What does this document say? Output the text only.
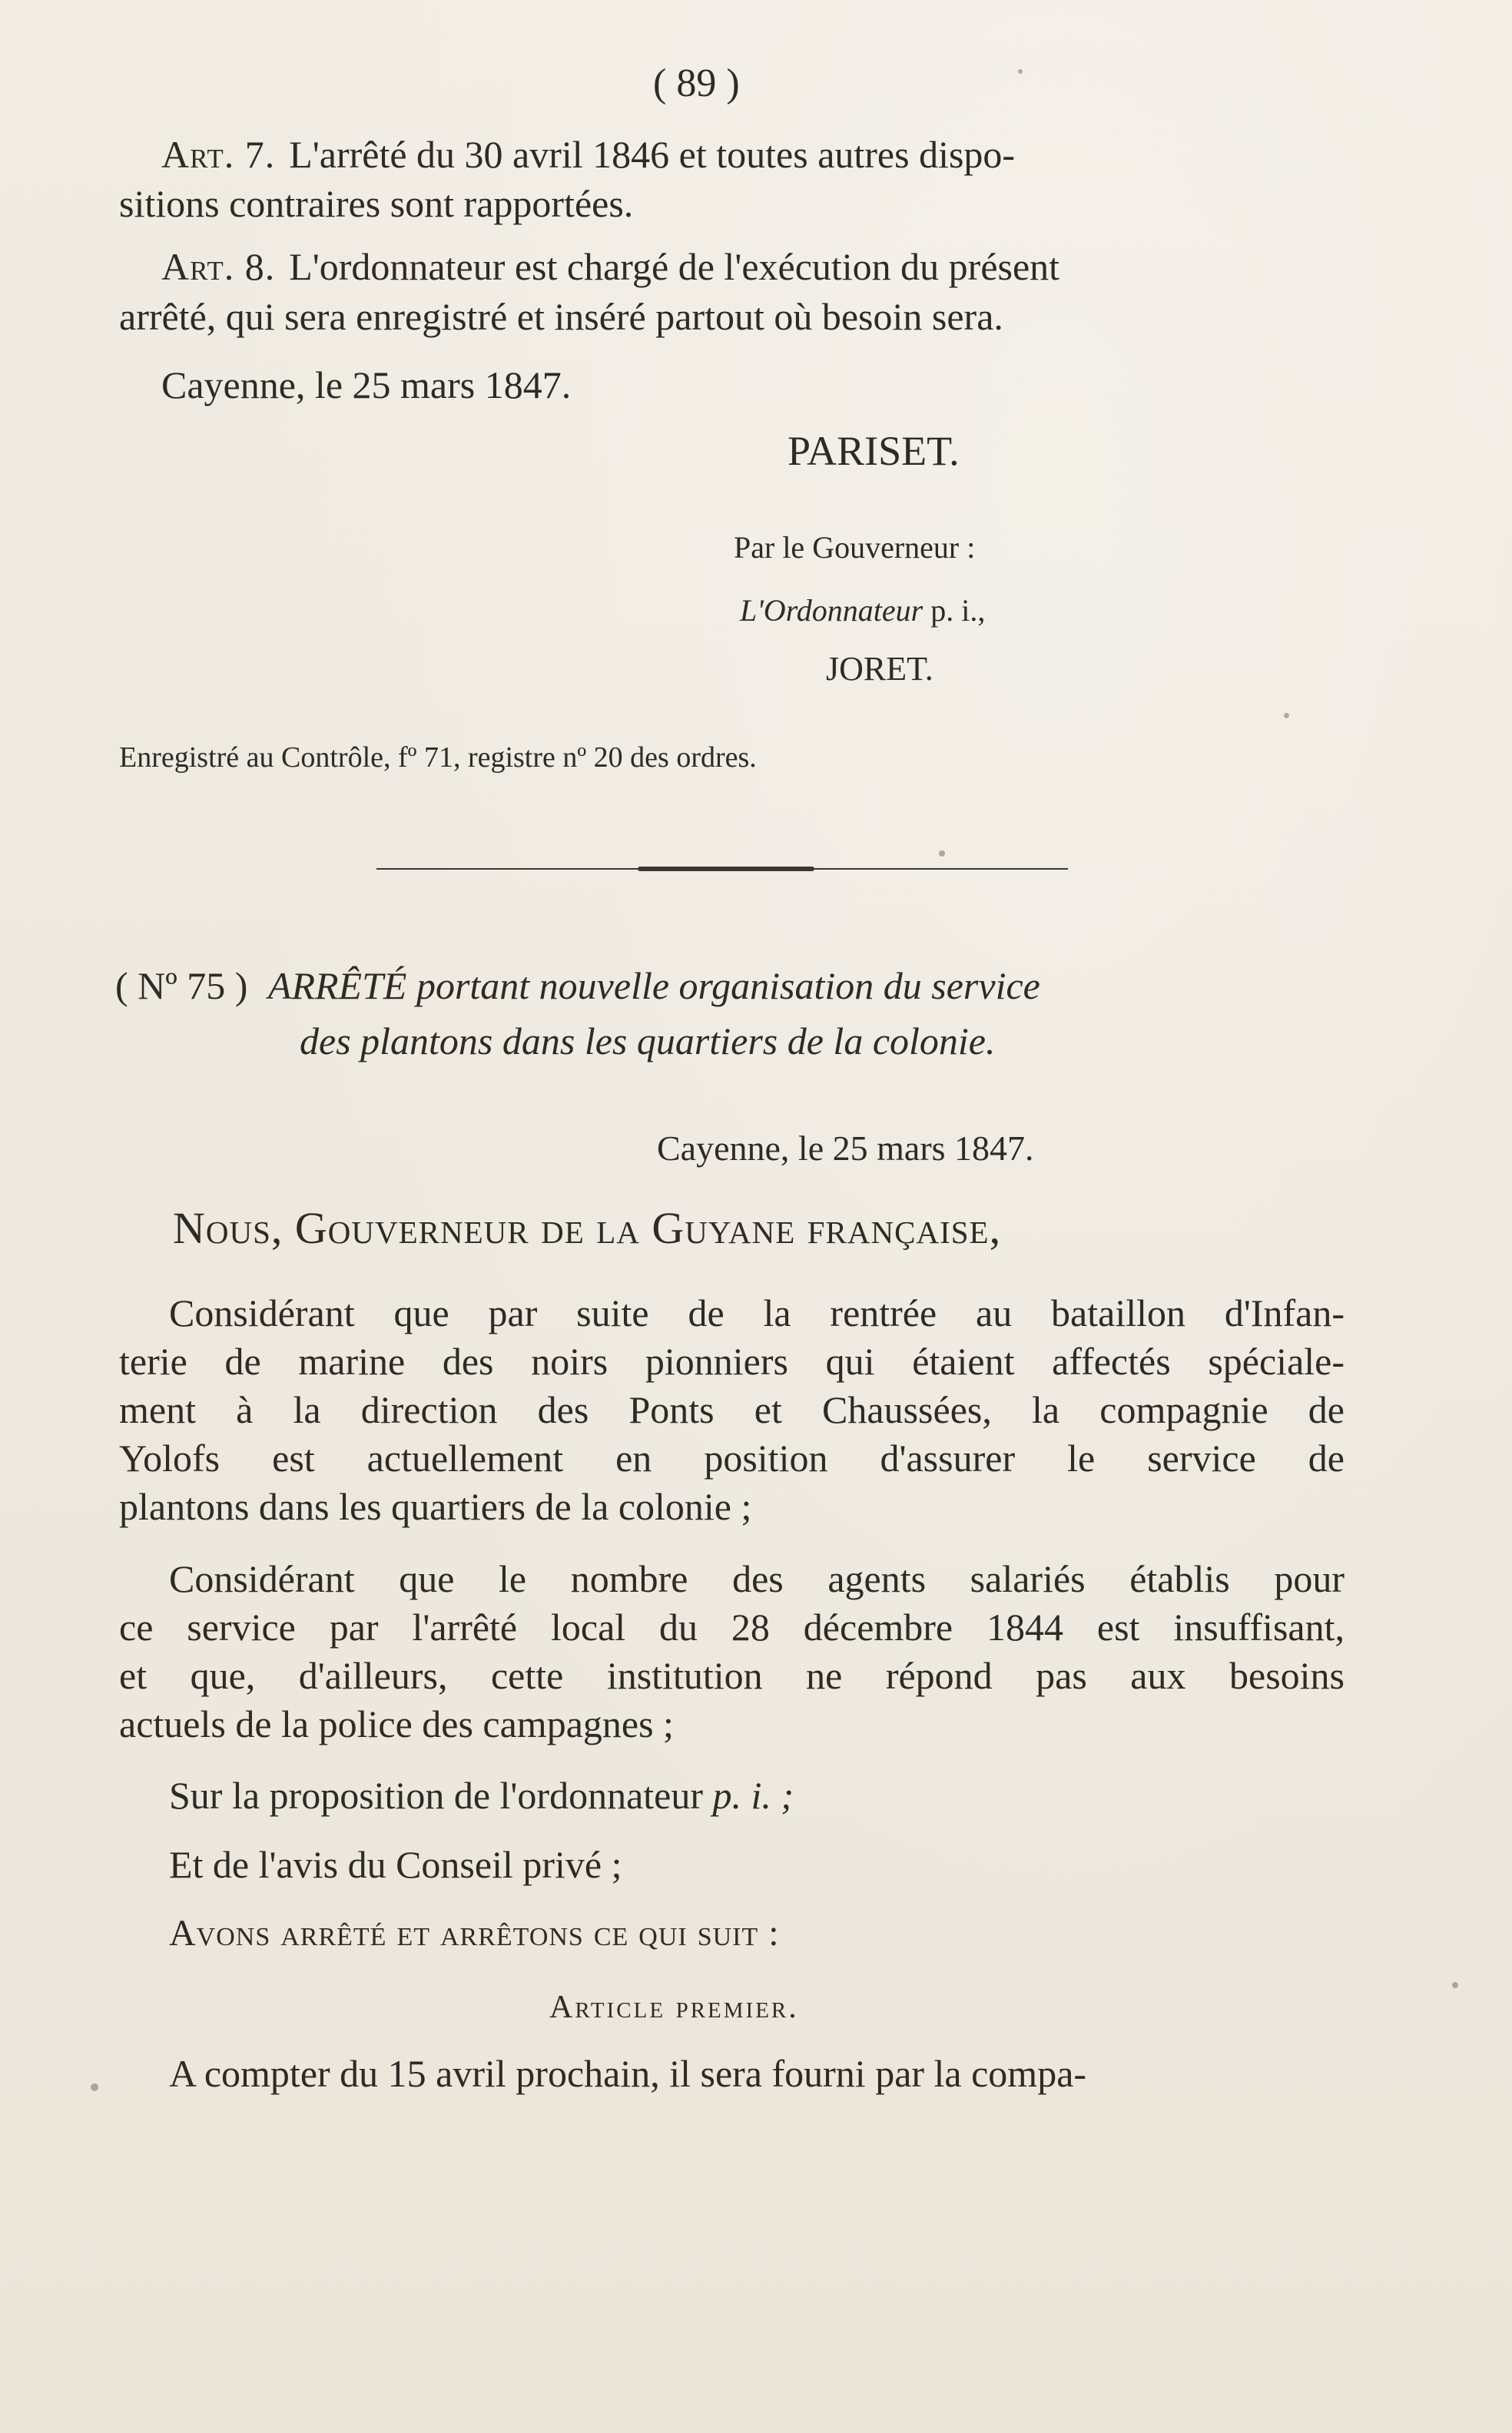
( 89 )
Art. 7. L'arrêté du 30 avril 1846 et toutes autres dispo-
sitions contraires sont rapportées.
Art. 8. L'ordonnateur est chargé de l'exécution du présent
arrêté, qui sera enregistré et inséré partout où besoin sera.
Cayenne, le 25 mars 1847.
PARISET.
Par le Gouverneur :
L'Ordonnateur p. i.,
JORET.
Enregistré au Contrôle, fº 71, registre nº 20 des ordres.
( Nº 75 ) ARRÊTÉ portant nouvelle organisation du service
des plantons dans les quartiers de la colonie.
Cayenne, le 25 mars 1847.
Nous, Gouverneur de la Guyane française,
Considérant que par suite de la rentrée au bataillon d'Infan-
terie de marine des noirs pionniers qui étaient affectés spéciale-
ment à la direction des Ponts et Chaussées, la compagnie de
Yolofs est actuellement en position d'assurer le service de
plantons dans les quartiers de la colonie ;
Considérant que le nombre des agents salariés établis pour
ce service par l'arrêté local du 28 décembre 1844 est insuffisant,
et que, d'ailleurs, cette institution ne répond pas aux besoins
actuels de la police des campagnes ;
Sur la proposition de l'ordonnateur p. i. ;
Et de l'avis du Conseil privé ;
Avons arrêté et arrêtons ce qui suit :
Article premier.
A compter du 15 avril prochain, il sera fourni par la compa-
